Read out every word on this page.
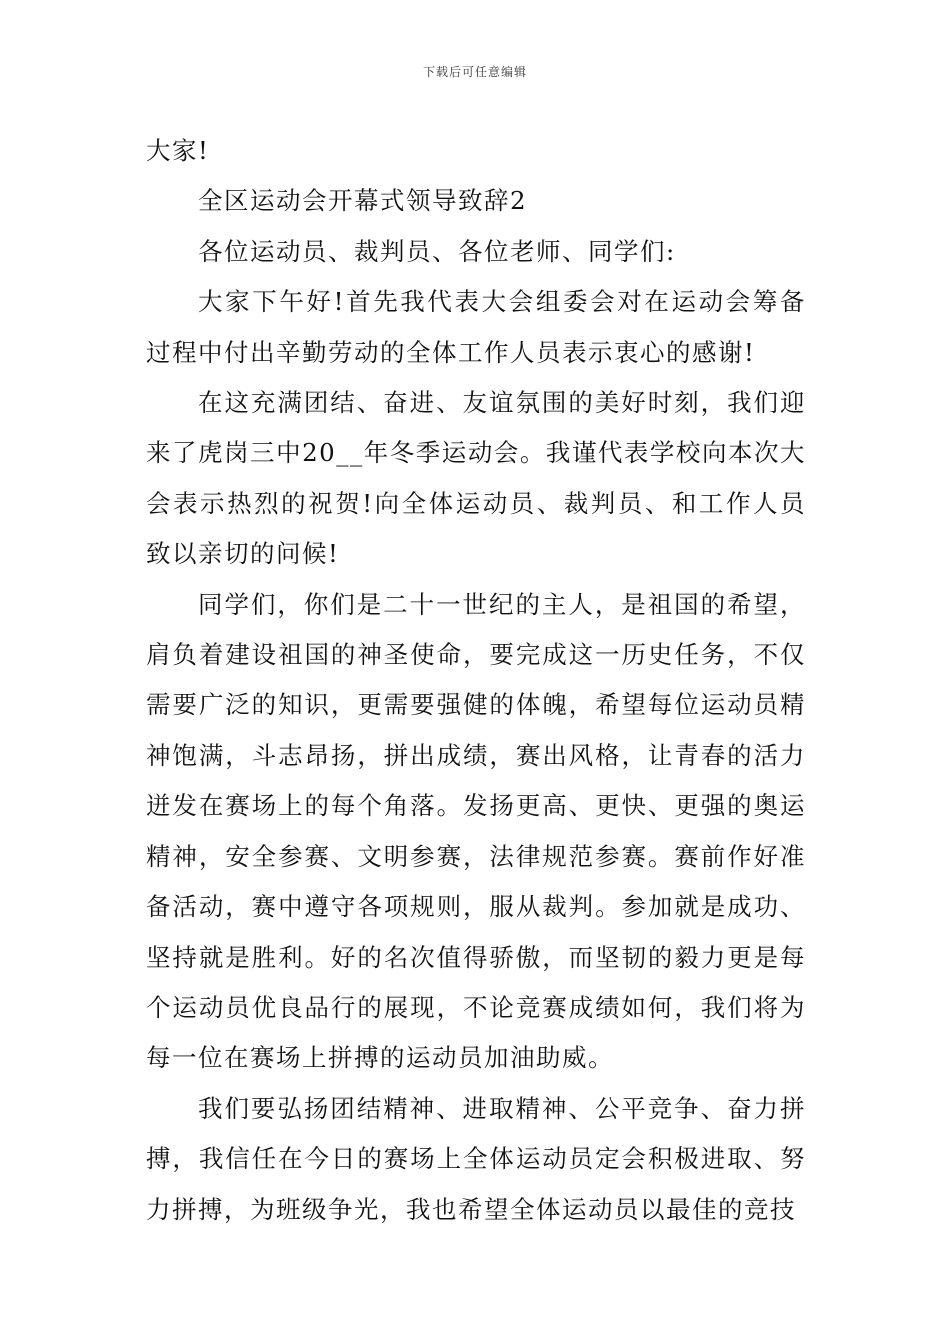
下载后可任意编辑

大家!

全区运动会开幕式领导致辞2

各位运动员、裁判员、各位老师、同学们:

大家下午好!首先我代表大会组委会对在运动会筹备过程中付出辛勤劳动的全体工作人员表示衷心的感谢!

在这充满团结、奋进、友谊氛围的美好时刻，我们迎来了虎岗三中20__年冬季运动会。我谨代表学校向本次大会表示热烈的祝贺!向全体运动员、裁判员、和工作人员致以亲切的问候!

同学们，你们是二十一世纪的主人，是祖国的希望，肩负着建设祖国的神圣使命，要完成这一历史任务，不仅需要广泛的知识，更需要强健的体魄，希望每位运动员精神饱满，斗志昂扬，拼出成绩，赛出风格，让青春的活力迸发在赛场上的每个角落。发扬更高、更快、更强的奥运精神，安全参赛、文明参赛，法律规范参赛。赛前作好准备活动，赛中遵守各项规则，服从裁判。参加就是成功、坚持就是胜利。好的名次值得骄傲，而坚韧的毅力更是每个运动员优良品行的展现，不论竞赛成绩如何，我们将为每一位在赛场上拼搏的运动员加油助威。

我们要弘扬团结精神、进取精神、公平竞争、奋力拼搏，我信任在今日的赛场上全体运动员定会积极进取、努力拼搏，为班级争光，我也希望全体运动员以最佳的竞技
